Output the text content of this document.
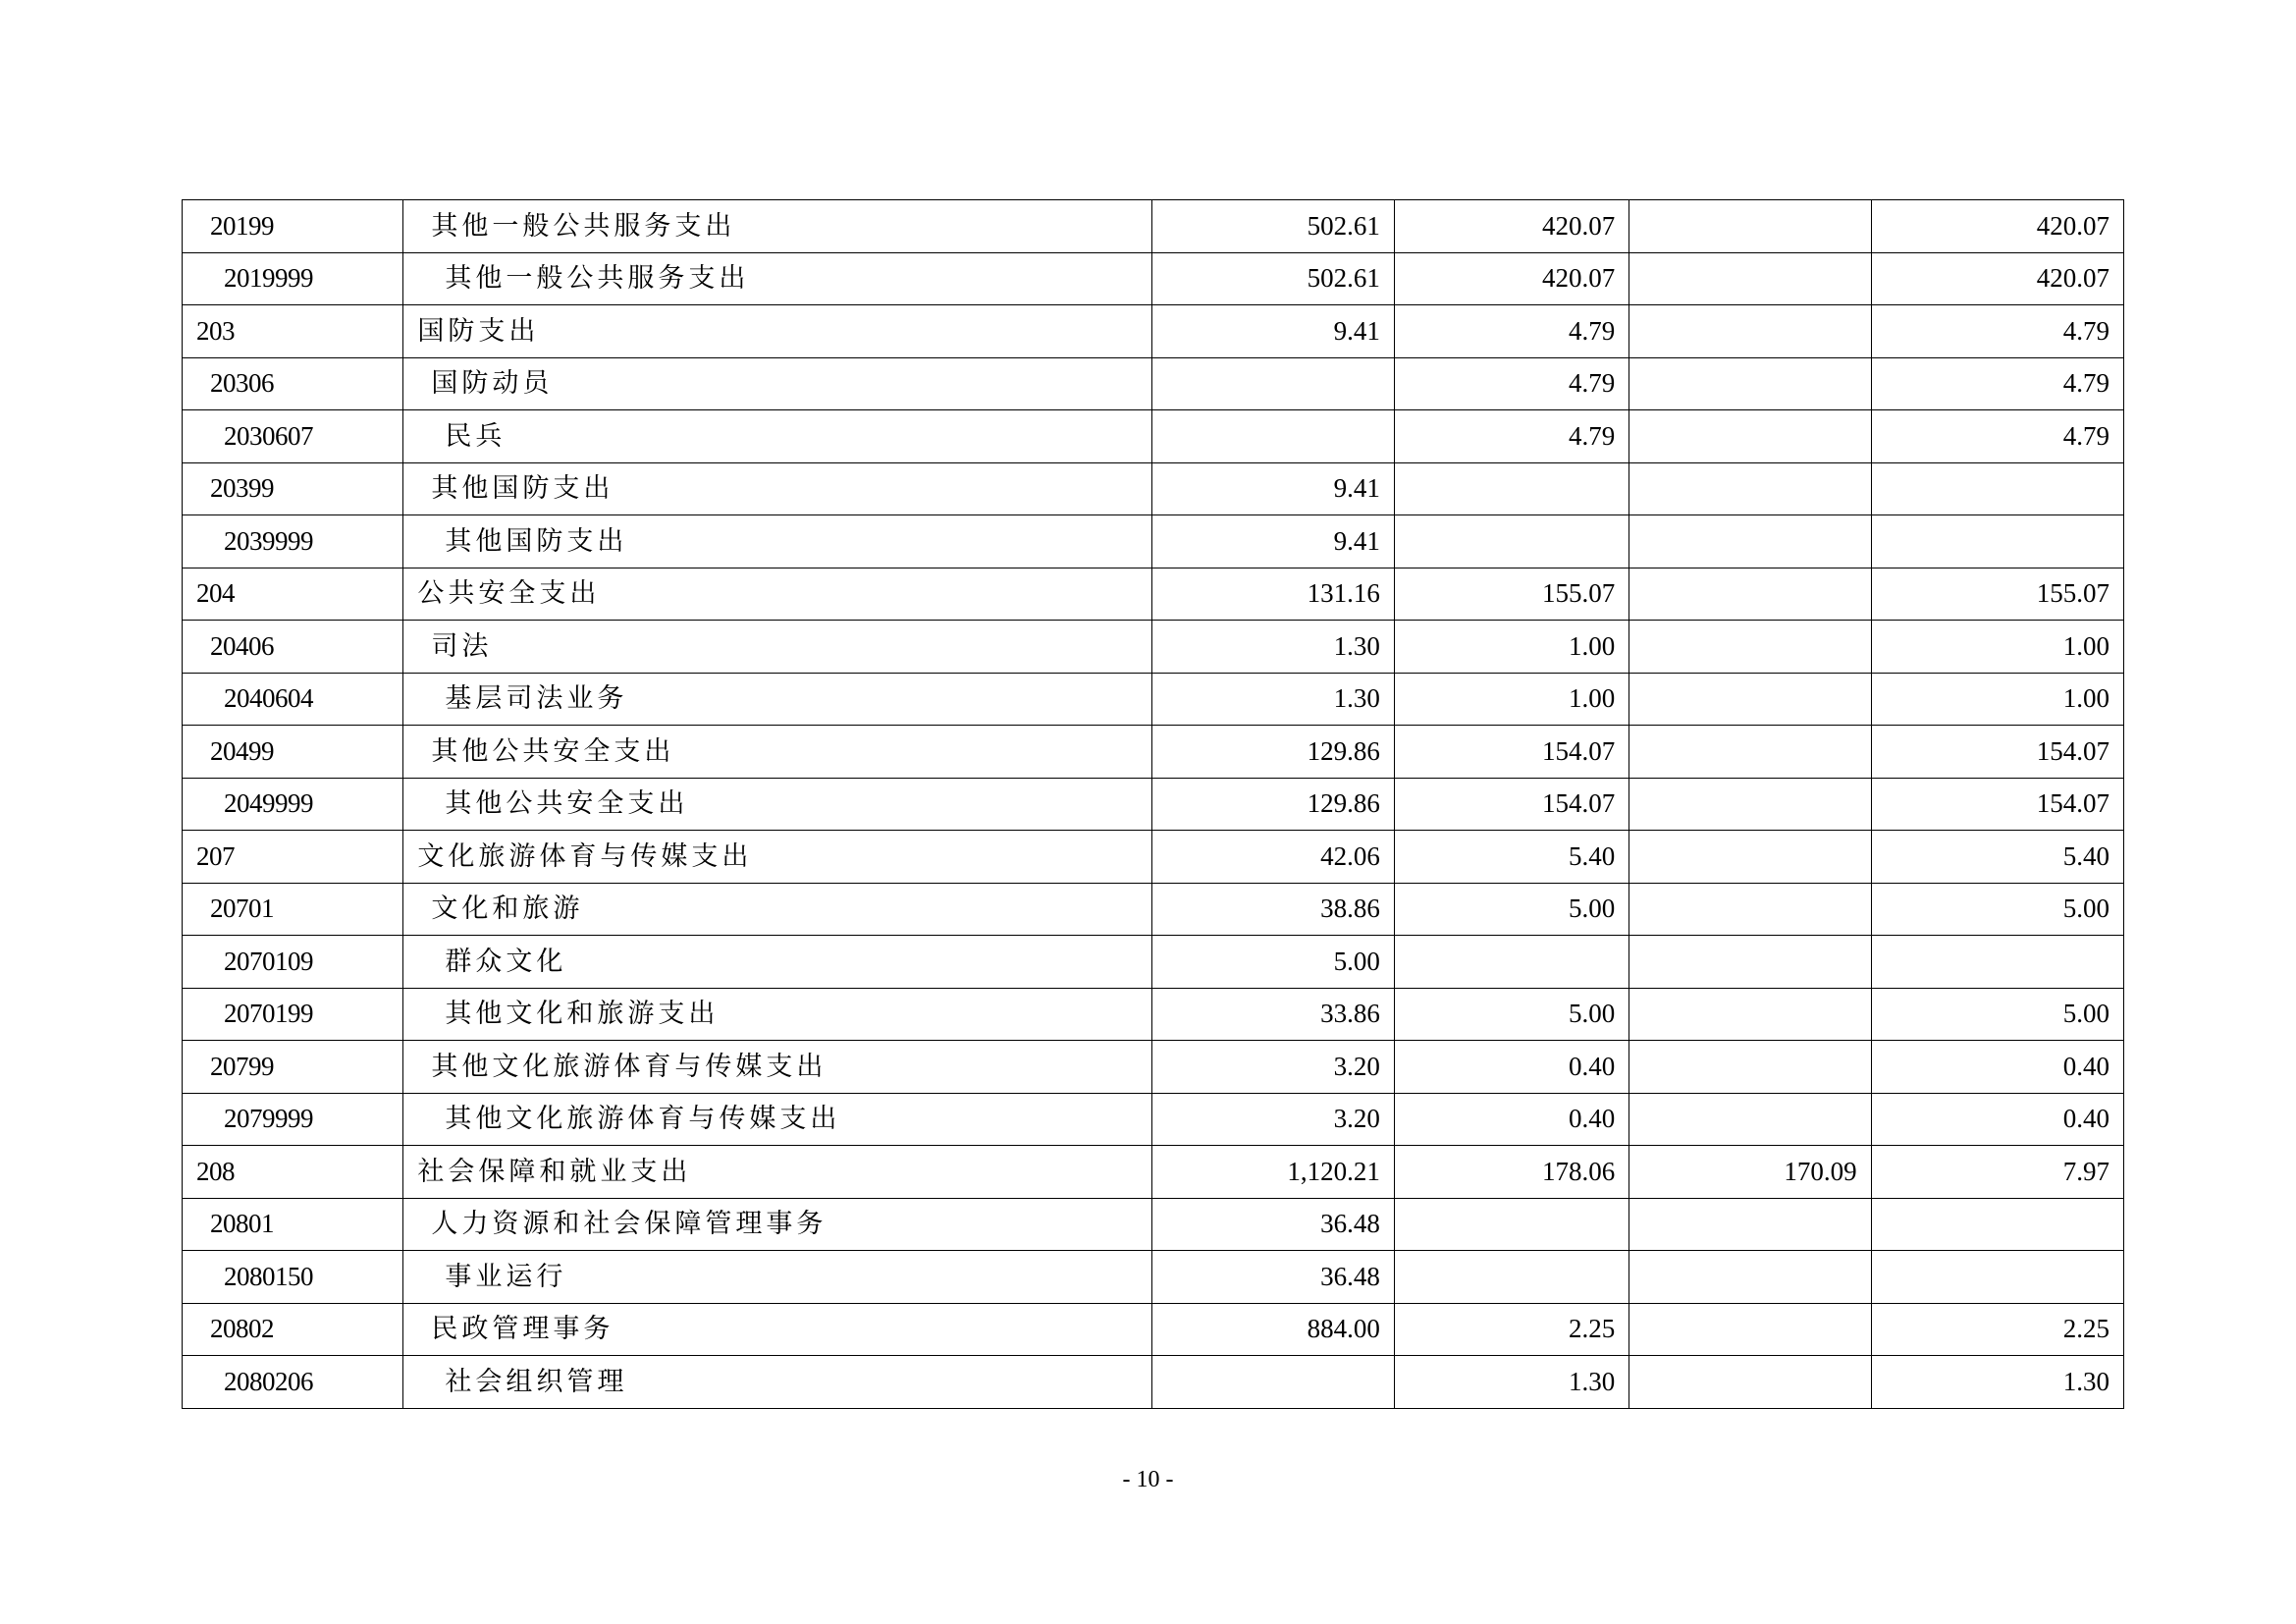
20199	其他一般公共服务支出	502.61	420.07		420.07
2019999	其他一般公共服务支出	502.61	420.07		420.07
203	国防支出	9.41	4.79		4.79
20306	国防动员		4.79		4.79
2030607	民兵		4.79		4.79
20399	其他国防支出	9.41			
2039999	其他国防支出	9.41			
204	公共安全支出	131.16	155.07		155.07
20406	司法	1.30	1.00		1.00
2040604	基层司法业务	1.30	1.00		1.00
20499	其他公共安全支出	129.86	154.07		154.07
2049999	其他公共安全支出	129.86	154.07		154.07
207	文化旅游体育与传媒支出	42.06	5.40		5.40
20701	文化和旅游	38.86	5.00		5.00
2070109	群众文化	5.00			
2070199	其他文化和旅游支出	33.86	5.00		5.00
20799	其他文化旅游体育与传媒支出	3.20	0.40		0.40
2079999	其他文化旅游体育与传媒支出	3.20	0.40		0.40
208	社会保障和就业支出	1,120.21	178.06	170.09	7.97
20801	人力资源和社会保障管理事务	36.48			
2080150	事业运行	36.48			
20802	民政管理事务	884.00	2.25		2.25
2080206	社会组织管理		1.30		1.30
- 10 -
